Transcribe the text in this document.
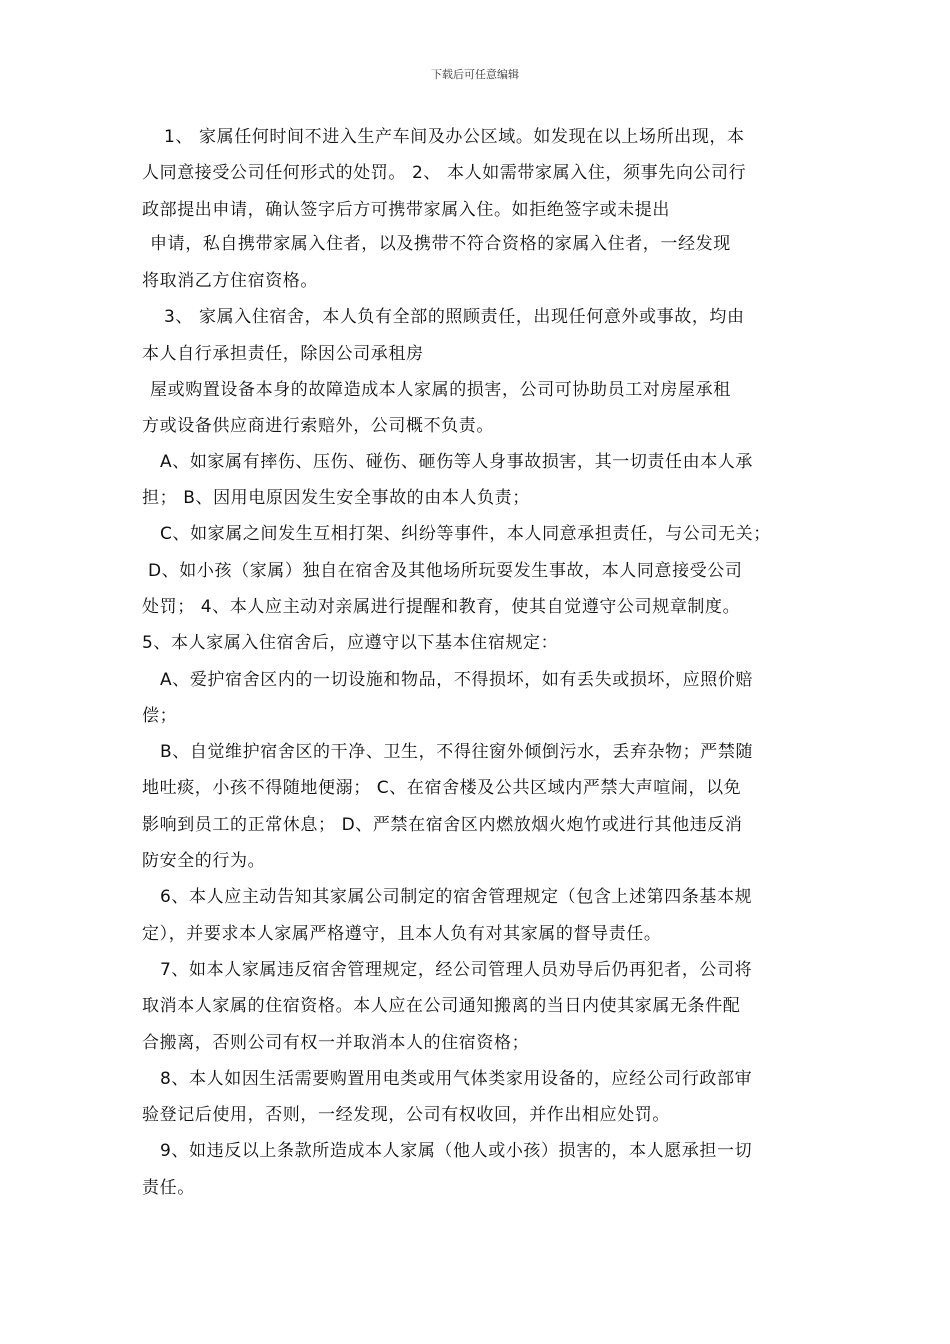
下载后可任意编辑
1、 家属任何时间不进入生产车间及办公区域。如发现在以上场所出现，本
人同意接受公司任何形式的处罚。 2、 本人如需带家属入住，须事先向公司行
政部提出申请，确认签字后方可携带家属入住。如拒绝签字或未提出
申请，私自携带家属入住者，以及携带不符合资格的家属入住者，一经发现
将取消乙方住宿资格。
3、 家属入住宿舍，本人负有全部的照顾责任，出现任何意外或事故，均由
本人自行承担责任，除因公司承租房
屋或购置设备本身的故障造成本人家属的损害，公司可协助员工对房屋承租
方或设备供应商进行索赔外，公司概不负责。
A、如家属有摔伤、压伤、碰伤、砸伤等人身事故损害，其一切责任由本人承
担； B、因用电原因发生安全事故的由本人负责；
C、如家属之间发生互相打架、纠纷等事件，本人同意承担责任，与公司无关；
D、如小孩（家属）独自在宿舍及其他场所玩耍发生事故，本人同意接受公司
处罚； 4、本人应主动对亲属进行提醒和教育，使其自觉遵守公司规章制度。
5、本人家属入住宿舍后，应遵守以下基本住宿规定：
A、爱护宿舍区内的一切设施和物品，不得损坏，如有丢失或损坏，应照价赔
偿；
B、自觉维护宿舍区的干净、卫生，不得往窗外倾倒污水，丢弃杂物；严禁随
地吐痰，小孩不得随地便溺； C、在宿舍楼及公共区域内严禁大声喧闹，以免
影响到员工的正常休息； D、严禁在宿舍区内燃放烟火炮竹或进行其他违反消
防安全的行为。
6、本人应主动告知其家属公司制定的宿舍管理规定（包含上述第四条基本规
定），并要求本人家属严格遵守，且本人负有对其家属的督导责任。
7、如本人家属违反宿舍管理规定，经公司管理人员劝导后仍再犯者，公司将
取消本人家属的住宿资格。本人应在公司通知搬离的当日内使其家属无条件配
合搬离，否则公司有权一并取消本人的住宿资格；
8、本人如因生活需要购置用电类或用气体类家用设备的，应经公司行政部审
验登记后使用，否则，一经发现，公司有权收回，并作出相应处罚。
9、如违反以上条款所造成本人家属（他人或小孩）损害的，本人愿承担一切
责任。
